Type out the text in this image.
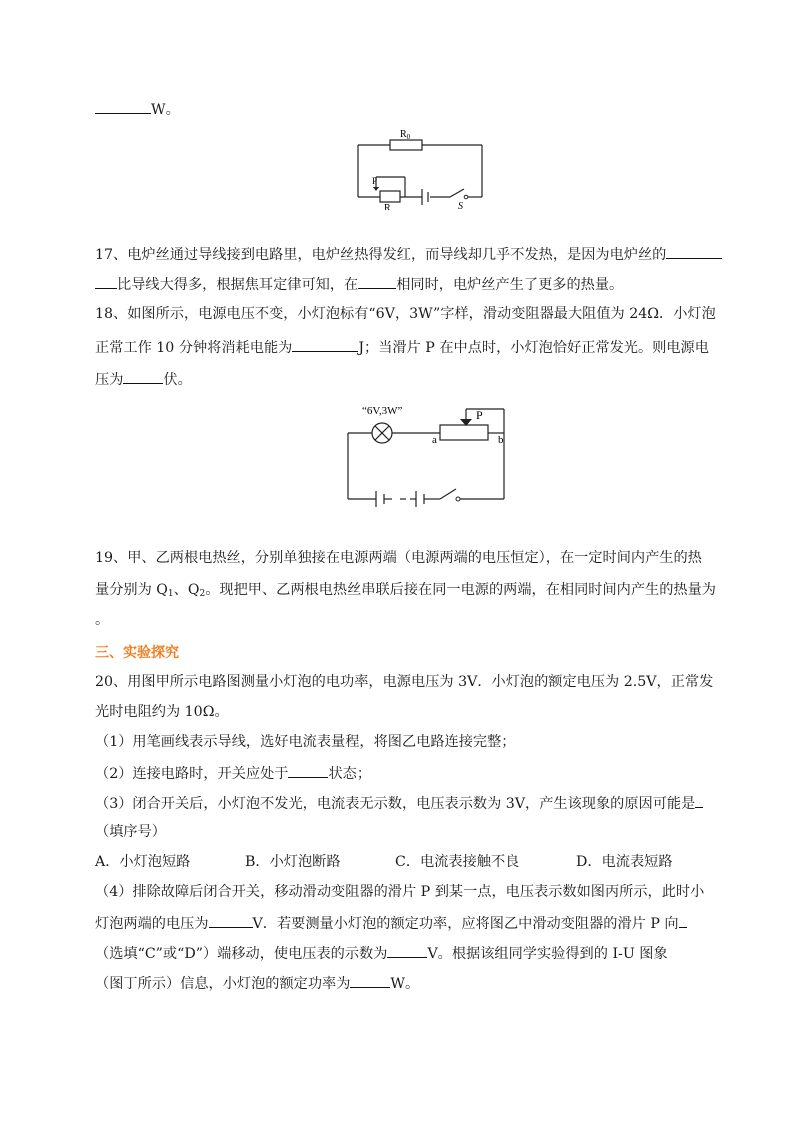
W。
$R_0$
P
R	S
17、电炉丝通过导线接到电路里，电炉丝热得发红，而导线却几乎不发热，是因为电炉丝的
比导线大得多，根据焦耳定律可知，在	相同时，电炉丝产生了更多的热量。
18、如图所示，电源电压不变，小灯泡标有“6V，3W”字样，滑动变阻器最大阻值为 24Ω．小灯泡
正常工作 10 分钟将消耗电能为	J；当滑片 P 在中点时，小灯泡恰好正常发光。则电源电
压为	伏。
“6V,3W”	P
a	b
19、甲、乙两根电热丝，分别单独接在电源两端（电源两端的电压恒定），在一定时间内产生的热
量分别为 $Q_1$、$Q_2$。现把甲、乙两根电热丝串联后接在同一电源的两端，在相同时间内产生的热量为
。
三、实验探究
20、用图甲所示电路图测量小灯泡的电功率，电源电压为 3V．小灯泡的额定电压为 2.5V，正常发
光时电阻约为 10Ω。
（1）用笔画线表示导线，选好电流表量程，将图乙电路连接完整；
（2）连接电路时，开关应处于	状态；
（3）闭合开关后，小灯泡不发光，电流表无示数，电压表示数为 3V，产生该现象的原因可能是
（填序号）
A．小灯泡短路	B．小灯泡断路	C．电流表接触不良	D．电流表短路
（4）排除故障后闭合开关，移动滑动变阻器的滑片 P 到某一点，电压表示数如图丙所示，此时小
灯泡两端的电压为	V．若要测量小灯泡的额定功率，应将图乙中滑动变阻器的滑片 P 向
（选填“C”或“D”）端移动，使电压表的示数为	V。根据该组同学实验得到的 I-U 图象
（图丁所示）信息，小灯泡的额定功率为	W。
